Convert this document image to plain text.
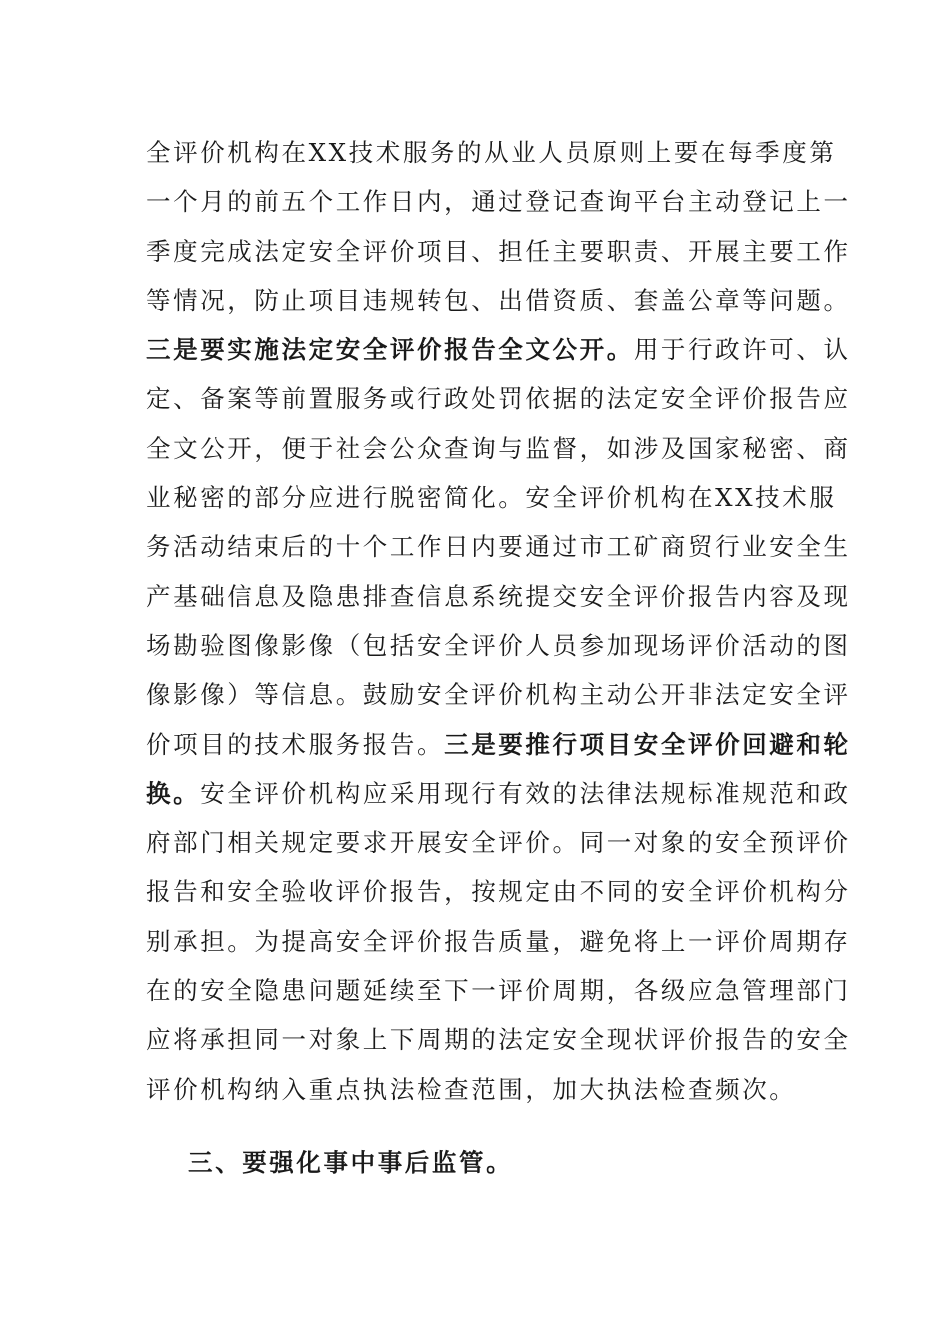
全评价机构在XX技术服务的从业人员原则上要在每季度第
一个月的前五个工作日内，通过登记查询平台主动登记上一
季度完成法定安全评价项目、担任主要职责、开展主要工作
等情况，防止项目违规转包、出借资质、套盖公章等问题。
三是要实施法定安全评价报告全文公开。用于行政许可、认
定、备案等前置服务或行政处罚依据的法定安全评价报告应
全文公开，便于社会公众查询与监督，如涉及国家秘密、商
业秘密的部分应进行脱密简化。安全评价机构在XX技术服
务活动结束后的十个工作日内要通过市工矿商贸行业安全生
产基础信息及隐患排查信息系统提交安全评价报告内容及现
场勘验图像影像（包括安全评价人员参加现场评价活动的图
像影像）等信息。鼓励安全评价机构主动公开非法定安全评
价项目的技术服务报告。三是要推行项目安全评价回避和轮
换。安全评价机构应采用现行有效的法律法规标准规范和政
府部门相关规定要求开展安全评价。同一对象的安全预评价
报告和安全验收评价报告，按规定由不同的安全评价机构分
别承担。为提高安全评价报告质量，避免将上一评价周期存
在的安全隐患问题延续至下一评价周期，各级应急管理部门
应将承担同一对象上下周期的法定安全现状评价报告的安全
评价机构纳入重点执法检查范围，加大执法检查频次。
三、要强化事中事后监管。
